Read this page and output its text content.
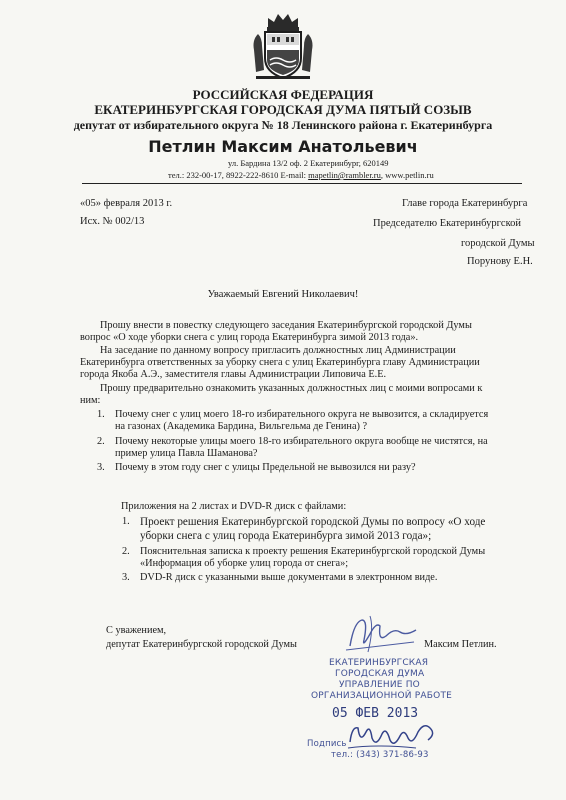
РОССИЙСКАЯ ФЕДЕРАЦИЯ
ЕКАТЕРИНБУРГСКАЯ ГОРОДСКАЯ ДУМА ПЯТЫЙ СОЗЫВ
депутат от избирательного округа № 18 Ленинского района г. Екатеринбурга
Петлин Максим Анатольевич
ул. Бардина 13/2 оф. 2 Екатеринбург, 620149
тел.: 232-00-17, 8922-222-8610 E-mail: mapetlin@rambler.ru, www.petlin.ru
«05» февраля 2013 г.
Исх. № 002/13
Главе города Екатеринбурга
Председателю Екатеринбургской
городской Думы
Порунову Е.Н.
Уважаемый Евгений Николаевич!
Прошу внести в повестку следующего заседания Екатеринбургской городской Думы
вопрос «О ходе уборки снега с улиц города Екатеринбурга зимой 2013 года».
На заседание по данному вопросу пригласить должностных лиц Администрации
Екатеринбурга ответственных за уборку снега с улиц Екатеринбурга главу Администрации
города Якоба А.Э., заместителя главы Администрации Липовича Е.Е.
Прошу предварительно ознакомить указанных должностных лиц с моими вопросами к
ним:
1. Почему снег с улиц моего 18-го избирательного округа не вывозится, а складируется
на газонах (Академика Бардина, Вильгельма де Генина) ?
2. Почему некоторые улицы моего 18-го избирательного округа вообще не чистятся, на
пример улица Павла Шаманова?
3. Почему в этом году снег с улицы Предельной не вывозился ни разу?
Приложения на 2 листах и DVD-R диск с файлами:
1. Проект решения Екатеринбургской городской Думы по вопросу «О ходе
уборки снега с улиц города Екатеринбурга зимой 2013 года»;
2. Пояснительная записка к проекту решения Екатеринбургской городской Думы
«Информация об уборке улиц города от снега»;
3. DVD-R диск с указанными выше документами в электронном виде.
С уважением,
депутат Екатеринбургской городской Думы	Максим Петлин.
ЕКАТЕРИНБУРГСКАЯ
ГОРОДСКАЯ ДУМА
УПРАВЛЕНИЕ ПО
ОРГАНИЗАЦИОННОЙ РАБОТЕ
05 ФЕВ 2013
Подпись
тел.: (343) 371-86-93
